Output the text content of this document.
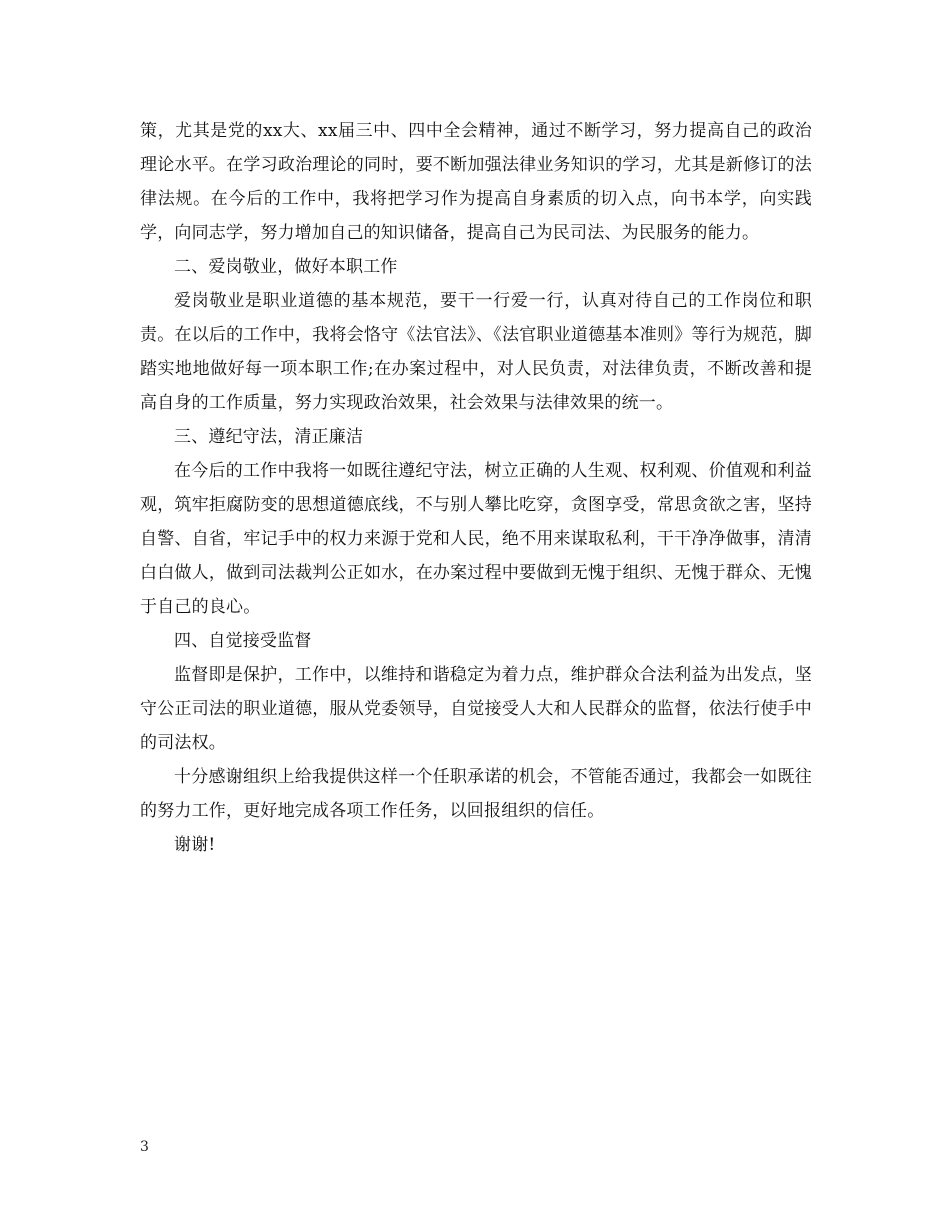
策，尤其是党的xx大、xx届三中、四中全会精神，通过不断学习，努力提高自己的政治理论水平。在学习政治理论的同时，要不断加强法律业务知识的学习，尤其是新修订的法律法规。在今后的工作中，我将把学习作为提高自身素质的切入点，向书本学，向实践学，向同志学，努力增加自己的知识储备，提高自己为民司法、为民服务的能力。

二、爱岗敬业，做好本职工作

爱岗敬业是职业道德的基本规范，要干一行爱一行，认真对待自己的工作岗位和职责。在以后的工作中，我将会恪守《法官法》、《法官职业道德基本准则》等行为规范，脚踏实地地做好每一项本职工作;在办案过程中，对人民负责，对法律负责，不断改善和提高自身的工作质量，努力实现政治效果，社会效果与法律效果的统一。

三、遵纪守法，清正廉洁

在今后的工作中我将一如既往遵纪守法，树立正确的人生观、权利观、价值观和利益观，筑牢拒腐防变的思想道德底线，不与别人攀比吃穿，贪图享受，常思贪欲之害，坚持自警、自省，牢记手中的权力来源于党和人民，绝不用来谋取私利，干干净净做事，清清白白做人，做到司法裁判公正如水，在办案过程中要做到无愧于组织、无愧于群众、无愧于自己的良心。

四、自觉接受监督

监督即是保护，工作中，以维持和谐稳定为着力点，维护群众合法利益为出发点，坚守公正司法的职业道德，服从党委领导，自觉接受人大和人民群众的监督，依法行使手中的司法权。

十分感谢组织上给我提供这样一个任职承诺的机会，不管能否通过，我都会一如既往的努力工作，更好地完成各项工作任务，以回报组织的信任。

谢谢!

3
